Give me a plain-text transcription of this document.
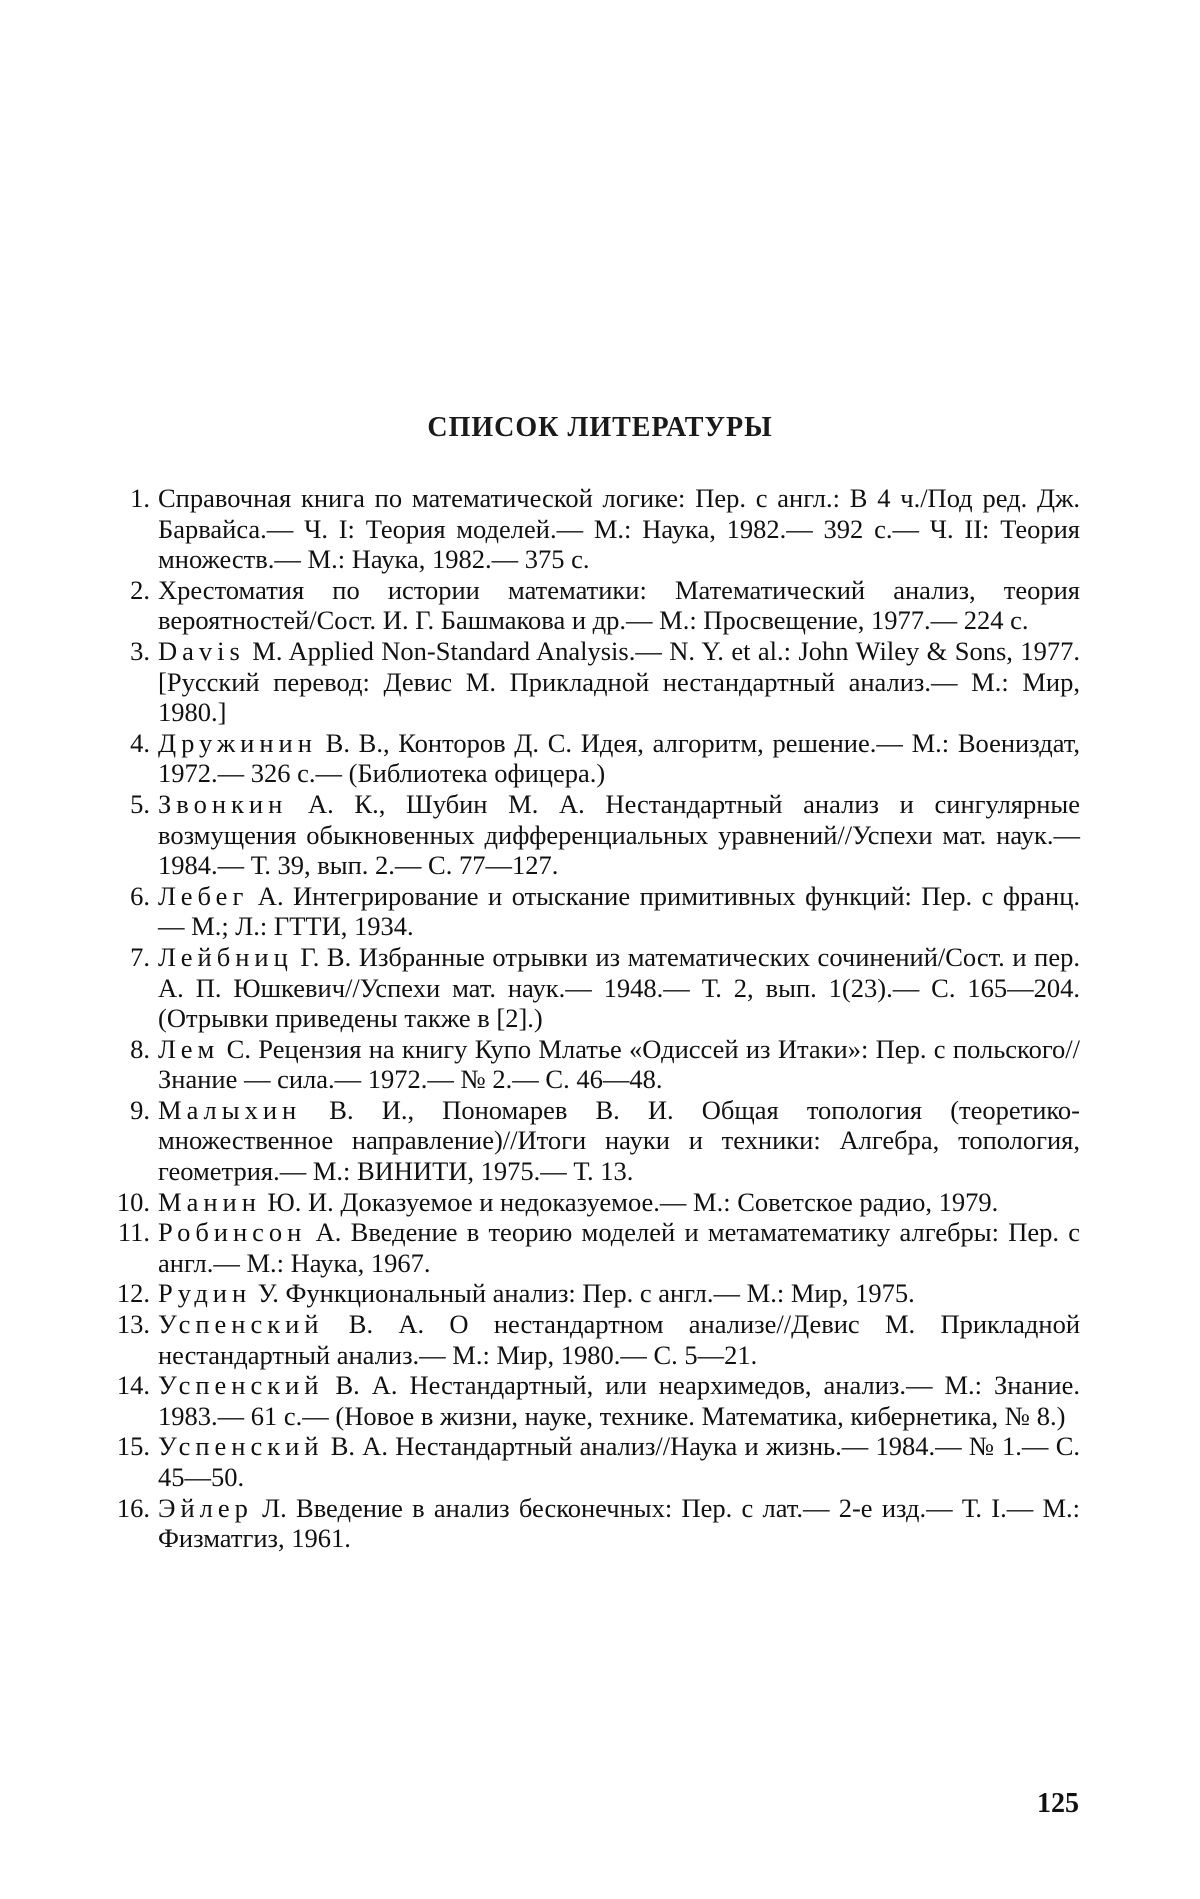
СПИСОК ЛИТЕРАТУРЫ
1. Справочная книга по математической логике: Пер. с англ.: В 4 ч./Под ред. Дж. Барвайса.— Ч. I: Теория моделей.— М.: Наука, 1982.— 392 с.— Ч. II: Теория множеств.— М.: Наука, 1982.— 375 с.
2. Хрестоматия по истории математики: Математический анализ, теория вероятностей/Сост. И. Г. Башмакова и др.— М.: Просвещение, 1977.— 224 с.
3. Davis M. Applied Non-Standard Analysis.— N. Y. et al.: John Wiley & Sons, 1977. [Русский перевод: Девис М. Прикладной нестандартный анализ.— М.: Мир, 1980.]
4. Дружинин В. В., Конторов Д. С. Идея, алгоритм, решение.— М.: Воениздат, 1972.— 326 с.— (Библиотека офицера.)
5. Звонкин А. К., Шубин М. А. Нестандартный анализ и сингулярные возмущения обыкновенных дифференциальных уравнений//Успехи мат. наук.— 1984.— Т. 39, вып. 2.— С. 77—127.
6. Лебег А. Интегрирование и отыскание примитивных функций: Пер. с франц.— М.; Л.: ГТТИ, 1934.
7. Лейбниц Г. В. Избранные отрывки из математических сочинений/Сост. и пер. А. П. Юшкевич//Успехи мат. наук.— 1948.— Т. 2, вып. 1(23).— С. 165—204. (Отрывки приведены также в [2].)
8. Лем С. Рецензия на книгу Купо Млатье «Одиссей из Итаки»: Пер. с польского//Знание — сила.— 1972.— № 2.— С. 46—48.
9. Малыхин В. И., Пономарев В. И. Общая топология (теоретико-множественное направление)//Итоги науки и техники: Алгебра, топология, геометрия.— М.: ВИНИТИ, 1975.— Т. 13.
10. Манин Ю. И. Доказуемое и недоказуемое.— М.: Советское радио, 1979.
11. Робинсон А. Введение в теорию моделей и метаматематику алгебры: Пер. с англ.— М.: Наука, 1967.
12. Рудин У. Функциональный анализ: Пер. с англ.— М.: Мир, 1975.
13. Успенский В. А. О нестандартном анализе//Девис М. Прикладной нестандартный анализ.— М.: Мир, 1980.— С. 5—21.
14. Успенский В. А. Нестандартный, или неархимедов, анализ.— М.: Знание. 1983.— 61 с.— (Новое в жизни, науке, технике. Математика, кибернетика, № 8.)
15. Успенский В. А. Нестандартный анализ//Наука и жизнь.— 1984.— № 1.— С. 45—50.
16. Эйлер Л. Введение в анализ бесконечных: Пер. с лат.— 2-е изд.— Т. I.— М.: Физматгиз, 1961.
125
